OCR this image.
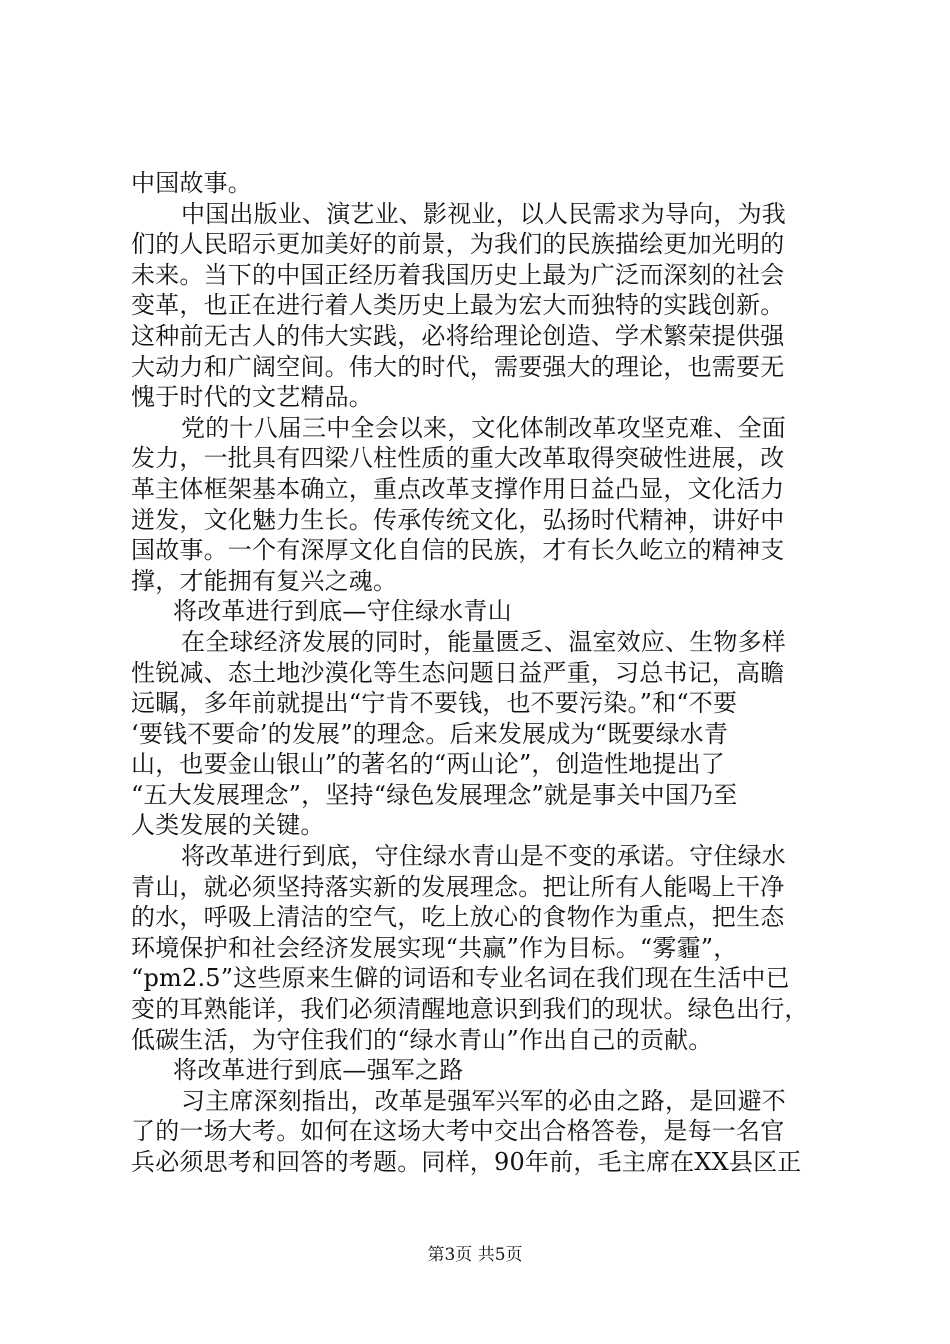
中国故事。
中国出版业、演艺业、影视业，以人民需求为导向，为我
们的人民昭示更加美好的前景，为我们的民族描绘更加光明的
未来。当下的中国正经历着我国历史上最为广泛而深刻的社会
变革，也正在进行着人类历史上最为宏大而独特的实践创新。
这种前无古人的伟大实践，必将给理论创造、学术繁荣提供强
大动力和广阔空间。伟大的时代，需要强大的理论，也需要无
愧于时代的文艺精品。
党的十八届三中全会以来，文化体制改革攻坚克难、全面
发力，一批具有四梁八柱性质的重大改革取得突破性进展，改
革主体框架基本确立，重点改革支撑作用日益凸显，文化活力
迸发，文化魅力生长。传承传统文化，弘扬时代精神，讲好中
国故事。一个有深厚文化自信的民族，才有长久屹立的精神支
撑，才能拥有复兴之魂。
将改革进行到底—守住绿水青山
在全球经济发展的同时，能量匮乏、温室效应、生物多样
性锐减、态土地沙漠化等生态问题日益严重，习总书记，高瞻
远瞩，多年前就提出“宁肯不要钱，也不要污染。”和“不要
‘要钱不要命’的发展”的理念。后来发展成为“既要绿水青
山，也要金山银山”的著名的“两山论”，创造性地提出了
“五大发展理念”，坚持“绿色发展理念”就是事关中国乃至
人类发展的关键。
将改革进行到底，守住绿水青山是不变的承诺。守住绿水
青山，就必须坚持落实新的发展理念。把让所有人能喝上干净
的水，呼吸上清洁的空气，吃上放心的食物作为重点，把生态
环境保护和社会经济发展实现“共赢”作为目标。“雾霾”，
“pm2.5”这些原来生僻的词语和专业名词在我们现在生活中已
变的耳熟能详，我们必须清醒地意识到我们的现状。绿色出行，
低碳生活，为守住我们的“绿水青山”作出自己的贡献。
将改革进行到底—强军之路
习主席深刻指出，改革是强军兴军的必由之路，是回避不
了的一场大考。如何在这场大考中交出合格答卷，是每一名官
兵必须思考和回答的考题。同样，90年前，毛主席在XX县区正
第3页 共5页
